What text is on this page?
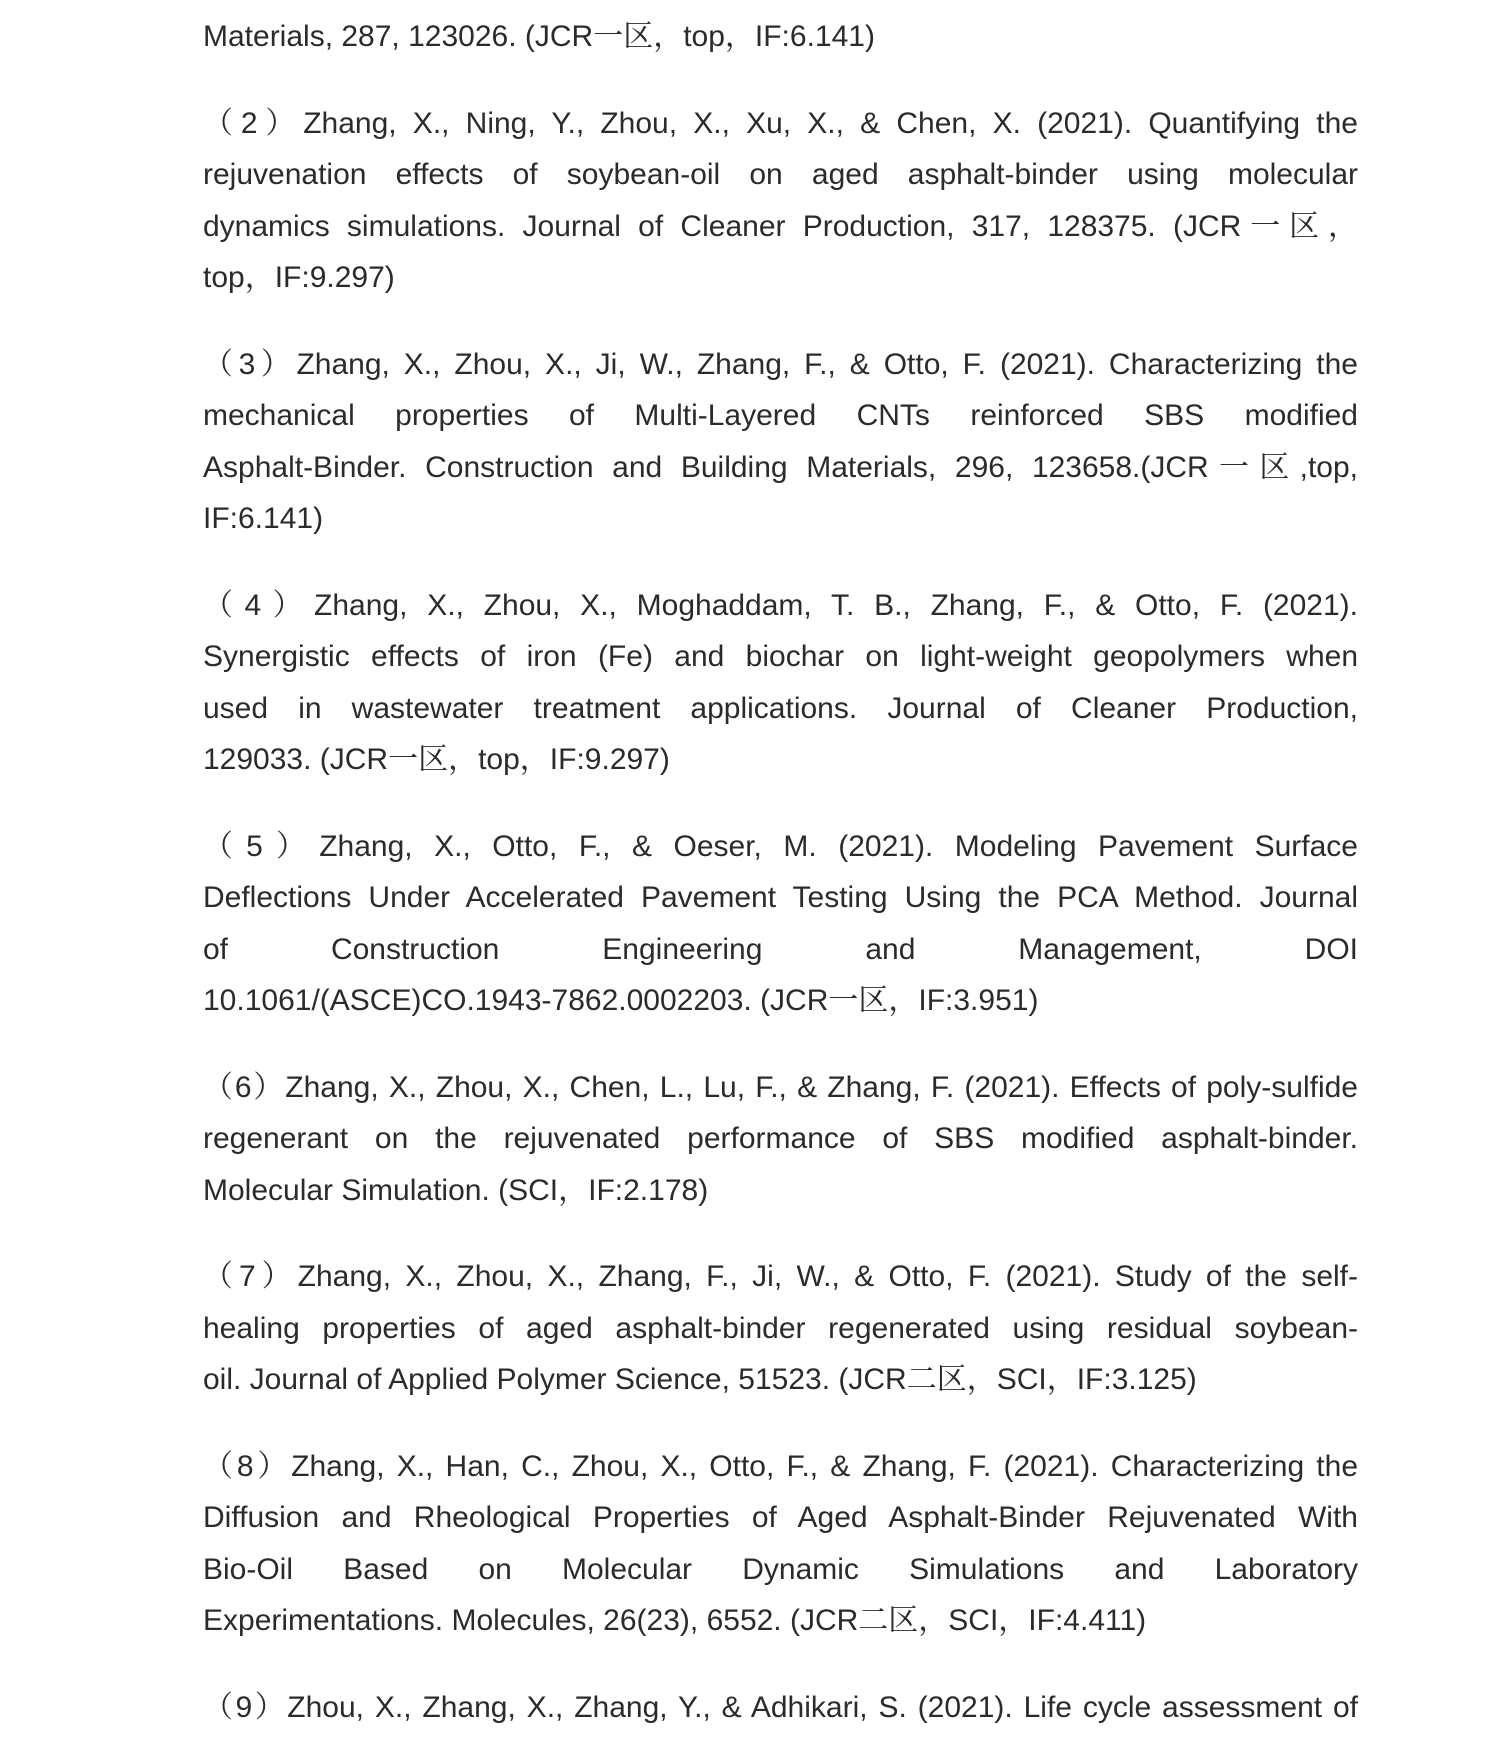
Materials, 287, 123026. (JCR一区，top，IF:6.141)
（2）Zhang, X., Ning, Y., Zhou, X., Xu, X., & Chen, X. (2021). Quantifying the
rejuvenation effects of soybean-oil on aged asphalt-binder using molecular
dynamics simulations. Journal of Cleaner Production, 317, 128375. (JCR一区，
top，IF:9.297)
（3）Zhang, X., Zhou, X., Ji, W., Zhang, F., & Otto, F. (2021). Characterizing the
mechanical properties of Multi-Layered CNTs reinforced SBS modified
Asphalt-Binder. Construction and Building Materials, 296, 123658.(JCR一区,top,
IF:6.141)
（4）Zhang, X., Zhou, X., Moghaddam, T. B., Zhang, F., & Otto, F. (2021).
Synergistic effects of iron (Fe) and biochar on light-weight geopolymers when
used in wastewater treatment applications. Journal of Cleaner Production,
129033. (JCR一区，top，IF:9.297)
（5）Zhang, X., Otto, F., & Oeser, M. (2021). Modeling Pavement Surface
Deflections Under Accelerated Pavement Testing Using the PCA Method. Journal
of Construction Engineering and Management, DOI
10.1061/(ASCE)CO.1943-7862.0002203. (JCR一区，IF:3.951)
（6）Zhang, X., Zhou, X., Chen, L., Lu, F., & Zhang, F. (2021). Effects of poly-sulfide
regenerant on the rejuvenated performance of SBS modified asphalt-binder.
Molecular Simulation. (SCI，IF:2.178)
（7）Zhang, X., Zhou, X., Zhang, F., Ji, W., & Otto, F. (2021). Study of the self-
healing properties of aged asphalt-binder regenerated using residual soybean-
oil. Journal of Applied Polymer Science, 51523. (JCR二区，SCI，IF:3.125)
（8）Zhang, X., Han, C., Zhou, X., Otto, F., & Zhang, F. (2021). Characterizing the
Diffusion and Rheological Properties of Aged Asphalt-Binder Rejuvenated With
Bio-Oil Based on Molecular Dynamic Simulations and Laboratory
Experimentations. Molecules, 26(23), 6552. (JCR二区，SCI，IF:4.411)
（9）Zhou, X., Zhang, X., Zhang, Y., & Adhikari, S. (2021). Life cycle assessment of
